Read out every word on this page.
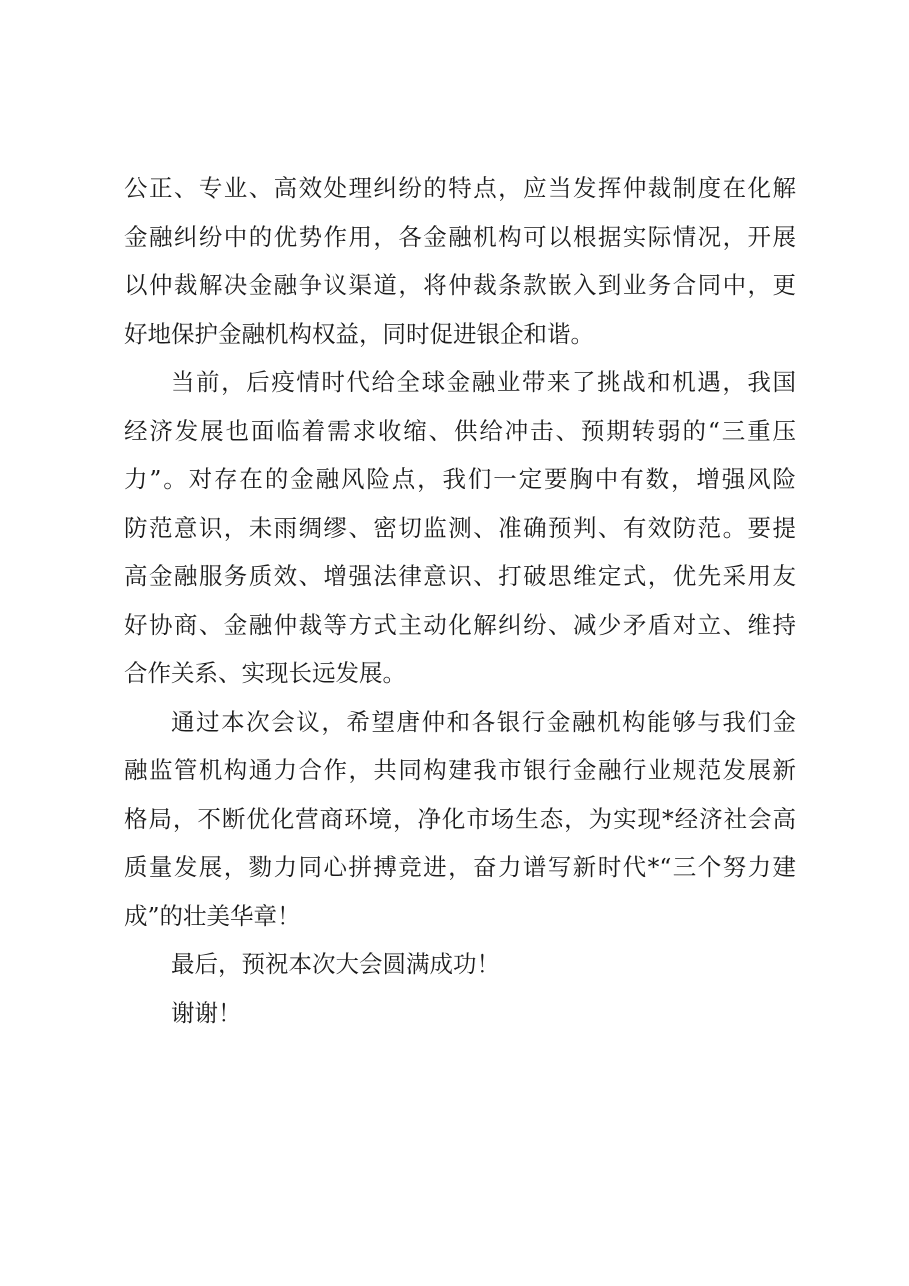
公正、专业、高效处理纠纷的特点，应当发挥仲裁制度在化解
金融纠纷中的优势作用，各金融机构可以根据实际情况，开展
以仲裁解决金融争议渠道，将仲裁条款嵌入到业务合同中，更
好地保护金融机构权益，同时促进银企和谐。
当前，后疫情时代给全球金融业带来了挑战和机遇，我国
经济发展也面临着需求收缩、供给冲击、预期转弱的“三重压
力”。对存在的金融风险点，我们一定要胸中有数，增强风险
防范意识，未雨绸缪、密切监测、准确预判、有效防范。要提
高金融服务质效、增强法律意识、打破思维定式，优先采用友
好协商、金融仲裁等方式主动化解纠纷、减少矛盾对立、维持
合作关系、实现长远发展。
通过本次会议，希望唐仲和各银行金融机构能够与我们金
融监管机构通力合作，共同构建我市银行金融行业规范发展新
格局，不断优化营商环境，净化市场生态，为实现*经济社会高
质量发展，勠力同心拼搏竞进，奋力谱写新时代*“三个努力建
成”的壮美华章！
最后，预祝本次大会圆满成功！
谢谢！
